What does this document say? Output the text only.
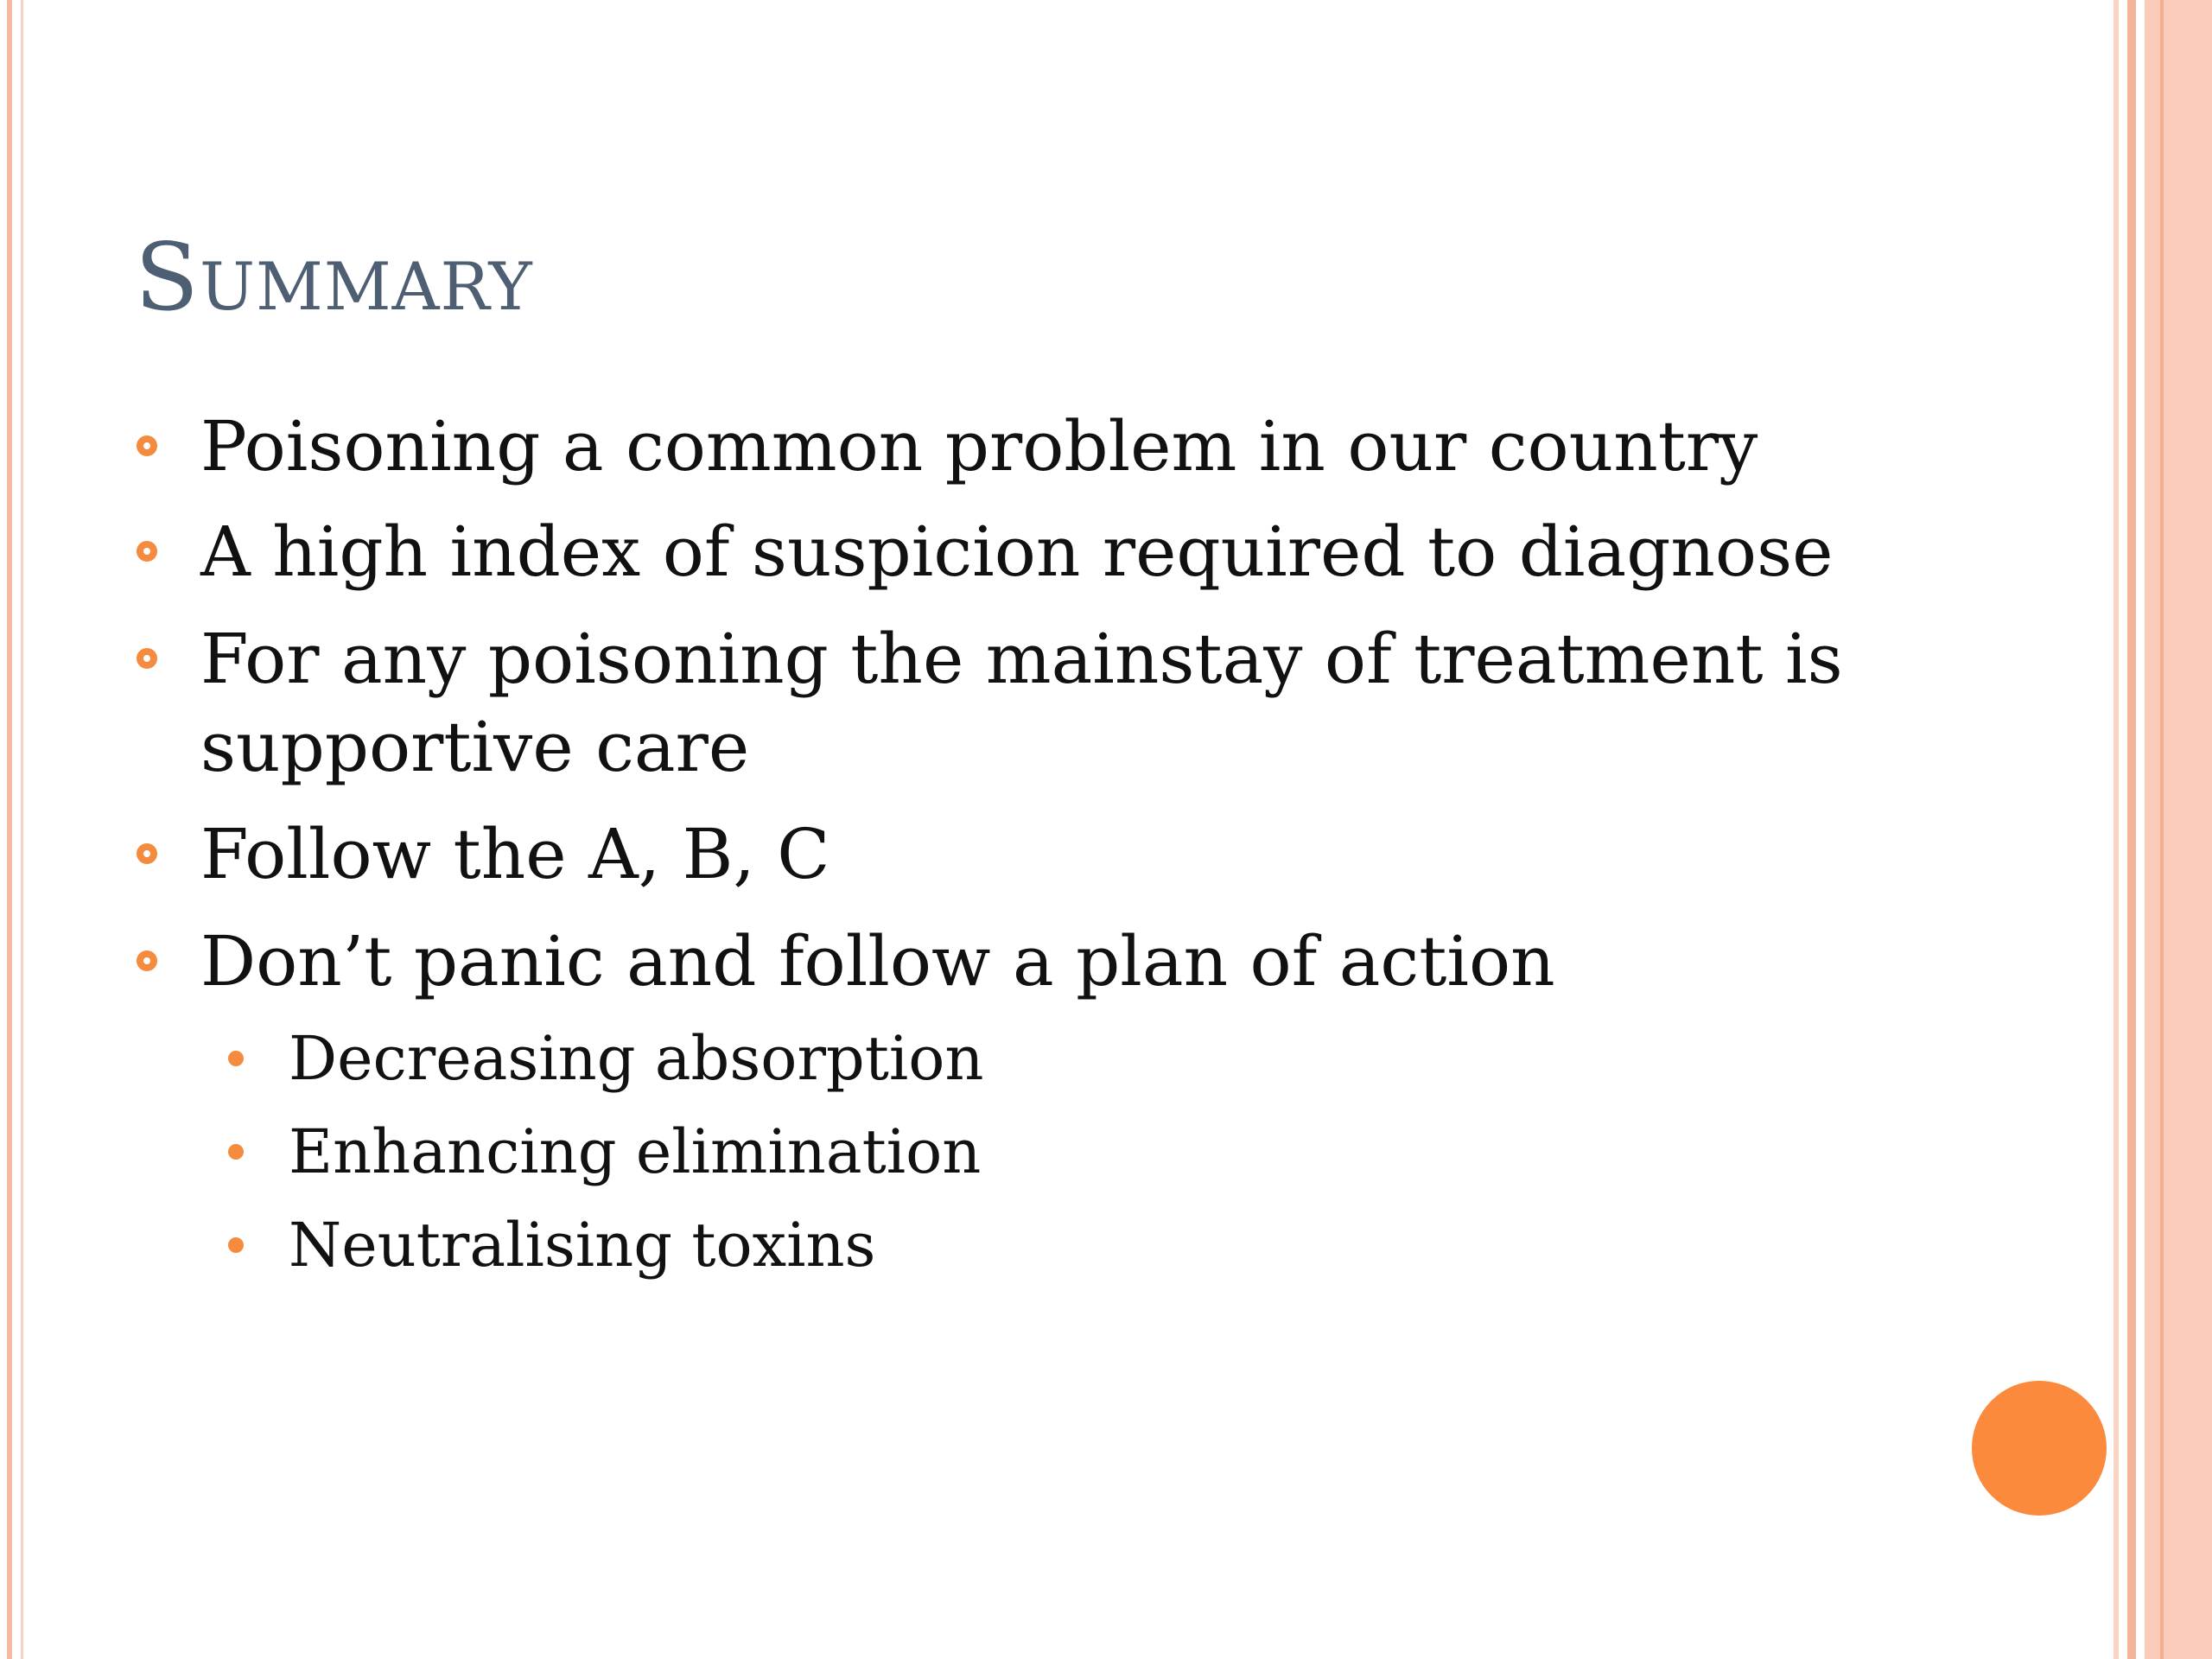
Summary
Poisoning a common problem in our country
A high index of suspicion required to diagnose
For any poisoning the mainstay of treatment is
supportive care
Follow the A, B, C
Don’t panic and follow a plan of action
Decreasing absorption
Enhancing elimination
Neutralising toxins
